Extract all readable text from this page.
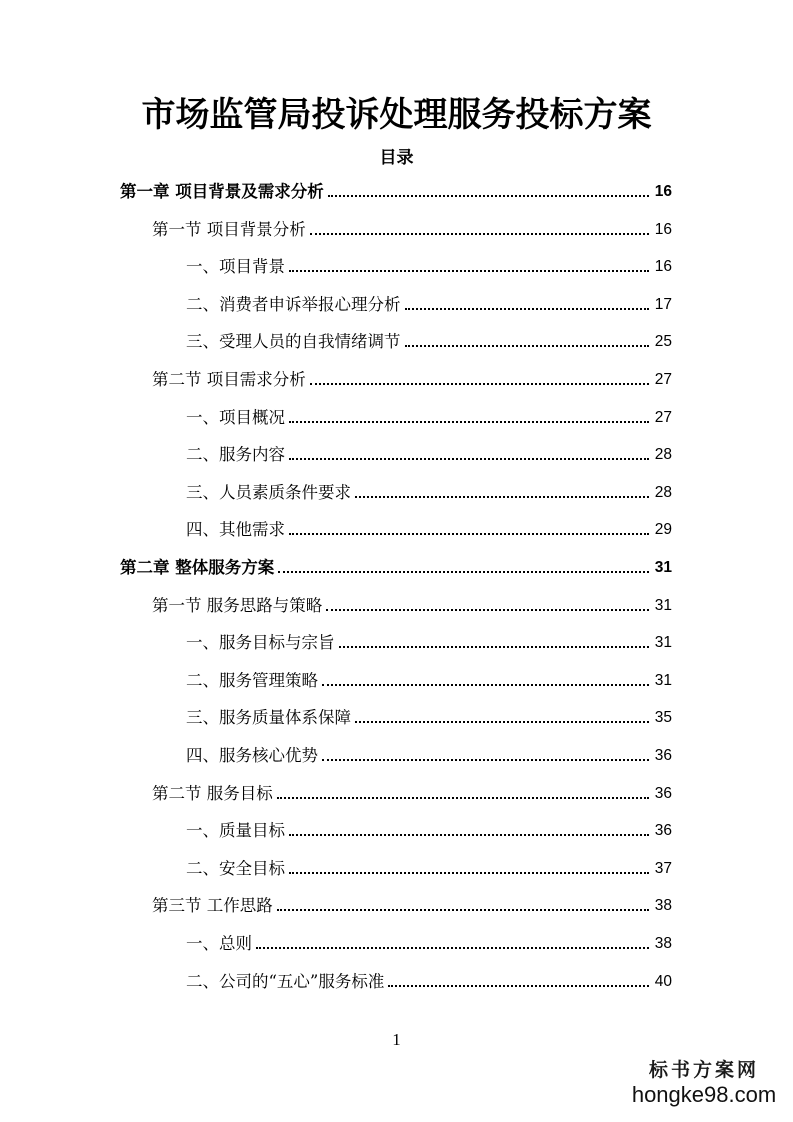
市场监管局投诉处理服务投标方案
目录
第一章 项目背景及需求分析	16
第一节 项目背景分析	16
一、项目背景	16
二、消费者申诉举报心理分析	17
三、受理人员的自我情绪调节	25
第二节 项目需求分析	27
一、项目概况	27
二、服务内容	28
三、人员素质条件要求	28
四、其他需求	29
第二章 整体服务方案	31
第一节 服务思路与策略	31
一、服务目标与宗旨	31
二、服务管理策略	31
三、服务质量体系保障	35
四、服务核心优势	36
第二节 服务目标	36
一、质量目标	36
二、安全目标	37
第三节 工作思路	38
一、总则	38
二、公司的“五心”服务标准	40
1
标书方案网
hongke98.com
